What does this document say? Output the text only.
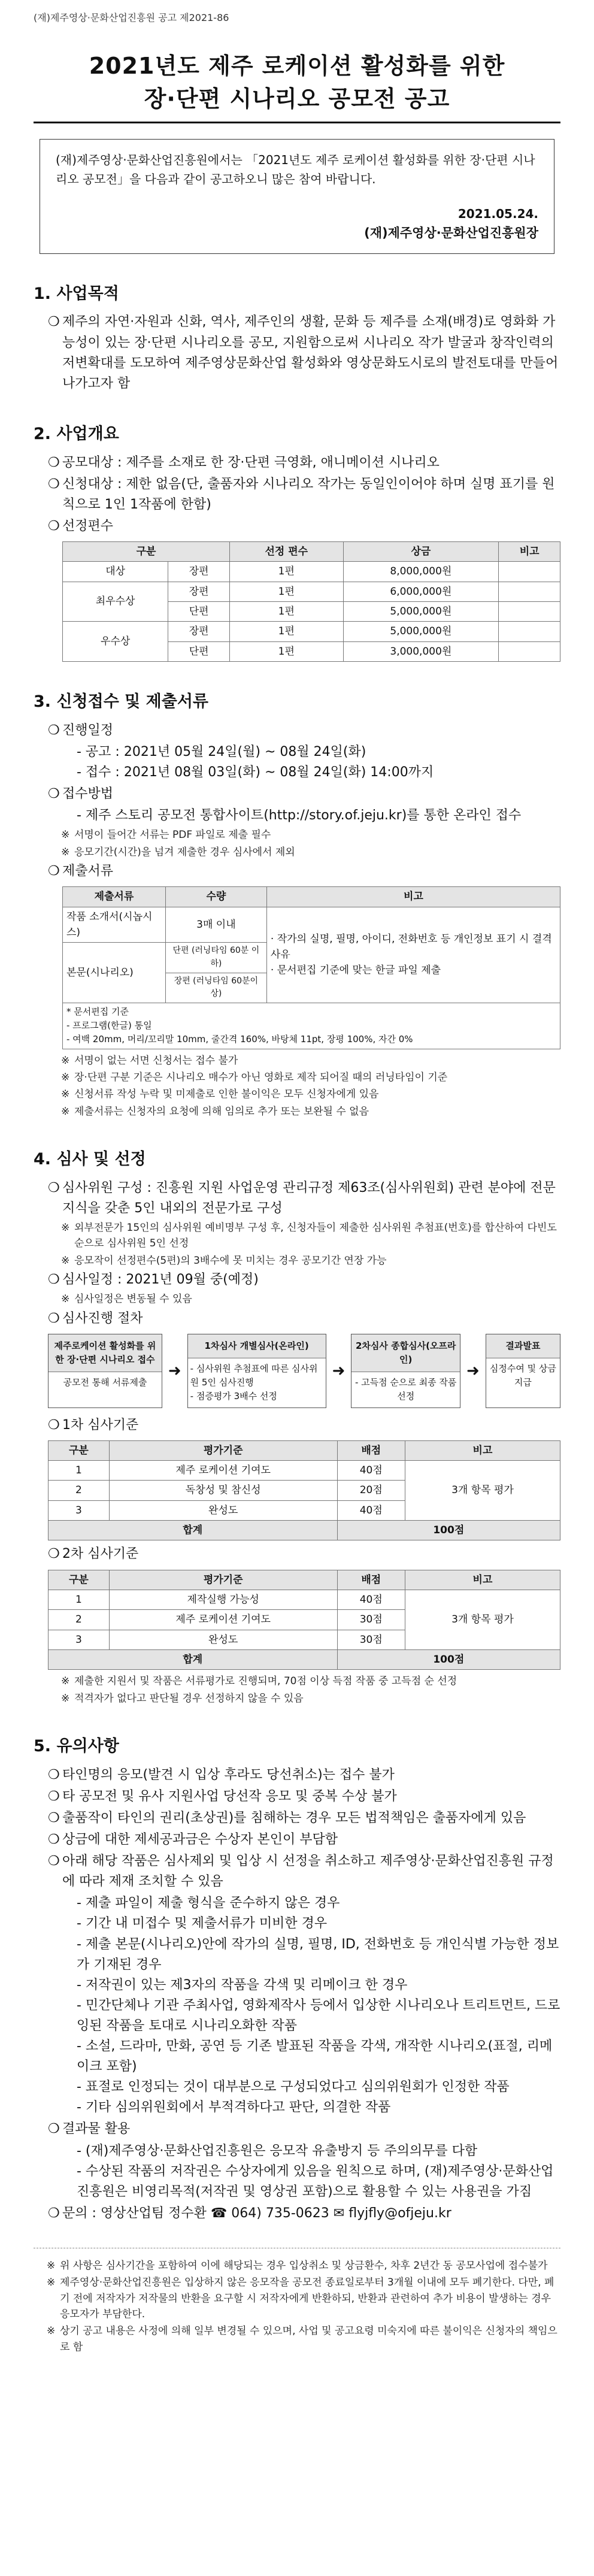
(재)제주영상·문화산업진흥원 공고 제2021-86
2021년도 제주 로케이션 활성화를 위한
장·단편 시나리오 공모전 공고
(재)제주영상·문화산업진흥원에서는 「2021년도 제주 로케이션 활성화를 위한 장·단편 시나리오 공모전」을 다음과 같이 공고하오니 많은 참여 바랍니다.
2021.05.24.
(재)제주영상·문화산업진흥원장
1. 사업목적
❍ 제주의 자연·자원과 신화, 역사, 제주인의 생활, 문화 등 제주를 소재(배경)로 영화화 가능성이 있는 장·단편 시나리오를 공모, 지원함으로써 시나리오 작가 발굴과 창작인력의 저변확대를 도모하여 제주영상문화산업 활성화와 영상문화도시로의 발전토대를 만들어 나가고자 함
2. 사업개요
❍ 공모대상 : 제주를 소재로 한 장·단편 극영화, 애니메이션 시나리오
❍ 신청대상 : 제한 없음(단, 출품자와 시나리오 작가는 동일인이어야 하며 실명 표기를 원칙으로 1인 1작품에 한함)
❍ 선정편수
구분		선정 편수	상금	비고
대상	장편	1편	8,000,000원	
최우수상	장편	1편	6,000,000원	
	단편	1편	5,000,000원	
우수상	장편	1편	5,000,000원	
	단편	1편	3,000,000원	
3. 신청접수 및 제출서류
❍ 진행일정
- 공고 : 2021년 05월 24일(월) ~ 08월 24일(화)
- 접수 : 2021년 08월 03일(화) ~ 08월 24일(화) 14:00까지
❍ 접수방법
- 제주 스토리 공모전 통합사이트(http://story.of.jeju.kr)를 통한 온라인 접수
※ 서명이 들어간 서류는 PDF 파일로 제출 필수
※ 응모기간(시간)을 넘겨 제출한 경우 심사에서 제외
❍ 제출서류
제출서류	수량	비고
작품 소개서(시놉시스)	3매 이내	· 작가의 실명, 필명, 아이디, 전화번호 등 개인정보 표기 시 결격사유
· 문서편집 기준에 맞는 한글 파일 제출
본문(시나리오)	단편 (러닝타임 60분 이하)	
	장편 (러닝타임 60분이상)	
* 문서편집 기준
- 프로그램(한글) 통일
- 여백 20mm, 머리/꼬리말 10mm, 줄간격 160%, 바탕체 11pt, 장평 100%, 자간 0%		
※ 서명이 없는 서면 신청서는 접수 불가
※ 장·단편 구분 기준은 시나리오 매수가 아닌 영화로 제작 되어질 때의 러닝타임이 기준
※ 신청서류 작성 누락 및 미제출로 인한 불이익은 모두 신청자에게 있음
※ 제출서류는 신청자의 요청에 의해 임의로 추가 또는 보완될 수 없음
4. 심사 및 선정
❍ 심사위원 구성 : 진흥원 지원 사업운영 관리규정 제63조(심사위원회) 관련 분야에 전문지식을 갖춘 5인 내외의 전문가로 구성
※ 외부전문가 15인의 심사위원 예비명부 구성 후, 신청자들이 제출한 심사위원 추첨표(번호)를 합산하여 다빈도 순으로 심사위원 5인 선정
※ 응모작이 선정편수(5편)의 3배수에 못 미치는 경우 공모기간 연장 가능
❍ 심사일정 : 2021년 09월 중(예정)
※ 심사일정은 변동될 수 있음
❍ 심사진행 절차
제주로케이션 활성화를 위한 장·단편 시나리오 접수
공모전 통해 서류제출
➜
1차심사 개별심사(온라인)
- 심사위원 추첨표에 따른 심사위원 5인 심사진행
- 점증평가 3배수 선정
➜
2차심사 종합심사(오프라인)
- 고득점 순으로 최종 작품 선정
➜
결과발표
심정수여 및 상금지급
❍ 1차 심사기준
구분	평가기준	배점	비고
1	제주 로케이션 기여도	40점	3개 항목 평가
2	독창성 및 참신성	20점	
3	완성도	40점	
합계		100점	
❍ 2차 심사기준
구분	평가기준	배점	비고
1	제작실행 가능성	40점	3개 항목 평가
2	제주 로케이션 기여도	30점	
3	완성도	30점	
합계		100점	
※ 제출한 지원서 및 작품은 서류평가로 진행되며, 70점 이상 득점 작품 중 고득점 순 선정
※ 적격자가 없다고 판단될 경우 선정하지 않을 수 있음
5. 유의사항
❍ 타인명의 응모(발견 시 입상 후라도 당선취소)는 접수 불가
❍ 타 공모전 및 유사 지원사업 당선작 응모 및 중복 수상 불가
❍ 출품작이 타인의 권리(초상권)를 침해하는 경우 모든 법적책임은 출품자에게 있음
❍ 상금에 대한 제세공과금은 수상자 본인이 부담함
❍ 아래 해당 작품은 심사제외 및 입상 시 선정을 취소하고 제주영상·문화산업진흥원 규정에 따라 제재 조치할 수 있음
- 제출 파일이 제출 형식을 준수하지 않은 경우
- 기간 내 미접수 및 제출서류가 미비한 경우
- 제출 본문(시나리오)안에 작가의 실명, 필명, ID, 전화번호 등 개인식별 가능한 정보가 기재된 경우
- 저작권이 있는 제3자의 작품을 각색 및 리메이크 한 경우
- 민간단체나 기관 주최사업, 영화제작사 등에서 입상한 시나리오나 트리트먼트, 드로잉된 작품을 토대로 시나리오화한 작품
- 소설, 드라마, 만화, 공연 등 기존 발표된 작품을 각색, 개작한 시나리오(표절, 리메이크 포함)
- 표절로 인정되는 것이 대부분으로 구성되었다고 심의위원회가 인정한 작품
- 기타 심의위원회에서 부적격하다고 판단, 의결한 작품
❍ 결과물 활용
- (재)제주영상·문화산업진흥원은 응모작 유출방지 등 주의의무를 다함
- 수상된 작품의 저작권은 수상자에게 있음을 원칙으로 하며, (재)제주영상·문화산업진흥원은 비영리목적(저작권 및 영상권 포함)으로 활용할 수 있는 사용권을 가짐
❍ 문의 : 영상산업팀 정수환 ☎ 064) 735-0623 ✉ flyjfly@ofjeju.kr
※ 위 사항은 심사기간을 포함하여 이에 해당되는 경우 입상취소 및 상금환수, 차후 2년간 동 공모사업에 접수불가
※ 제주영상·문화산업진흥원은 입상하지 않은 응모작을 공모전 종료일로부터 3개월 이내에 모두 폐기한다. 다만, 폐기 전에 저작자가 저작물의 반환을 요구할 시 저작자에게 반환하되, 반환과 관련하여 추가 비용이 발생하는 경우 응모자가 부담한다.
※ 상기 공고 내용은 사정에 의해 일부 변경될 수 있으며, 사업 및 공고요령 미숙지에 따른 불이익은 신청자의 책임으로 함
